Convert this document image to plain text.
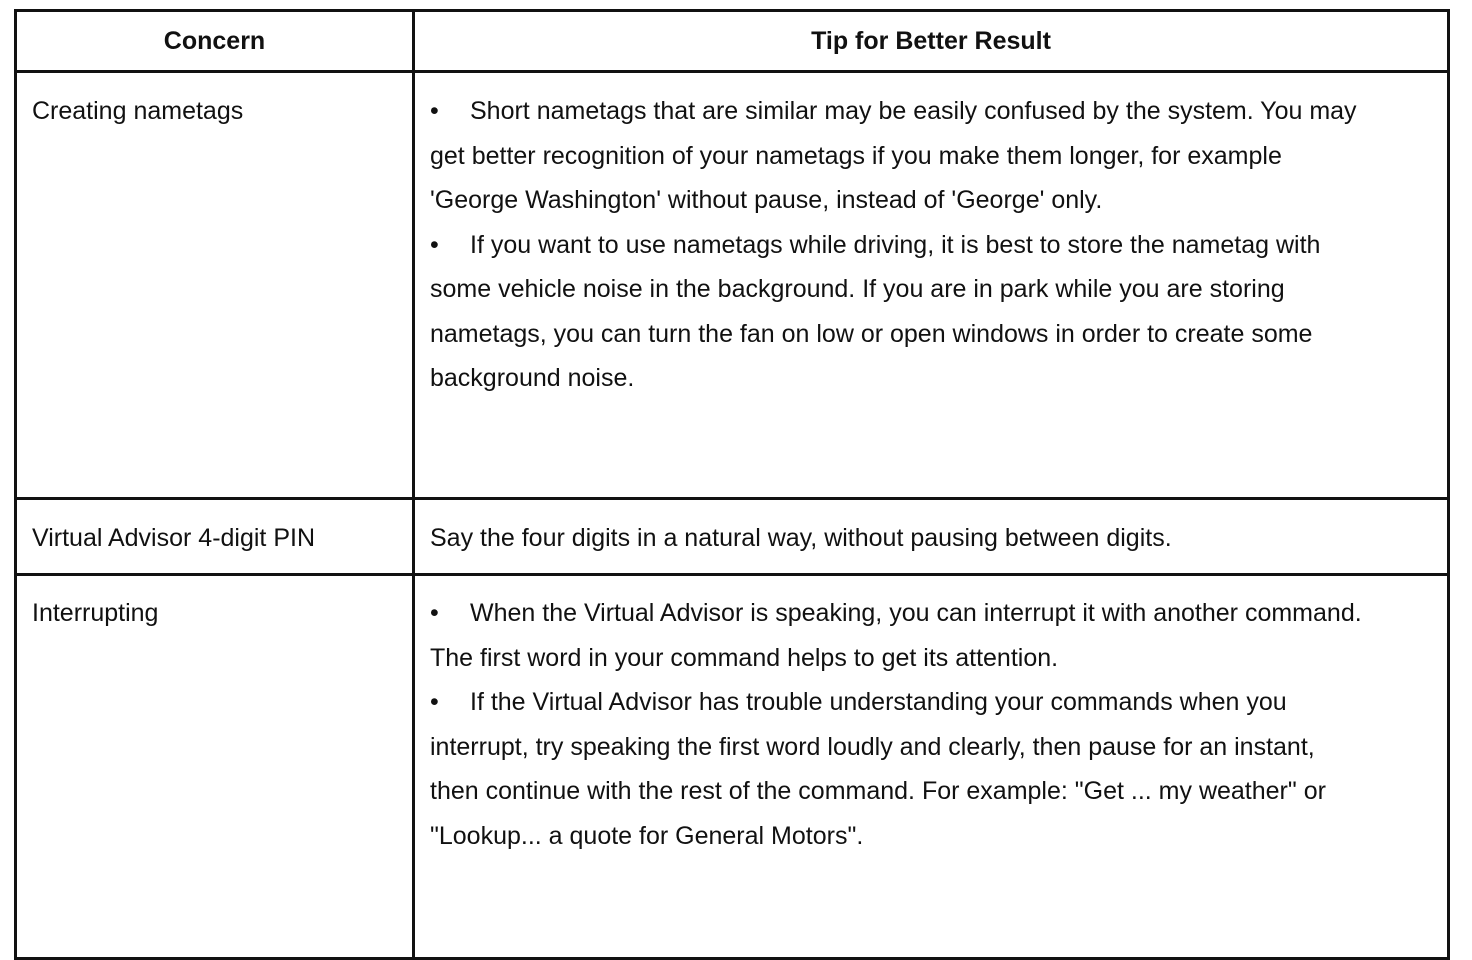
Concern	Tip for Better Result
Creating nametags	• Short nametags that are similar may be easily confused by the system. You may get better recognition of your nametags if you make them longer, for example 'George Washington' without pause, instead of 'George' only.
• If you want to use nametags while driving, it is best to store the nametag with some vehicle noise in the background. If you are in park while you are storing nametags, you can turn the fan on low or open windows in order to create some background noise.
Virtual Advisor 4-digit PIN	Say the four digits in a natural way, without pausing between digits.
Interrupting	• When the Virtual Advisor is speaking, you can interrupt it with another command. The first word in your command helps to get its attention.
• If the Virtual Advisor has trouble understanding your commands when you interrupt, try speaking the first word loudly and clearly, then pause for an instant, then continue with the rest of the command. For example: "Get ... my weather" or "Lookup... a quote for General Motors".
